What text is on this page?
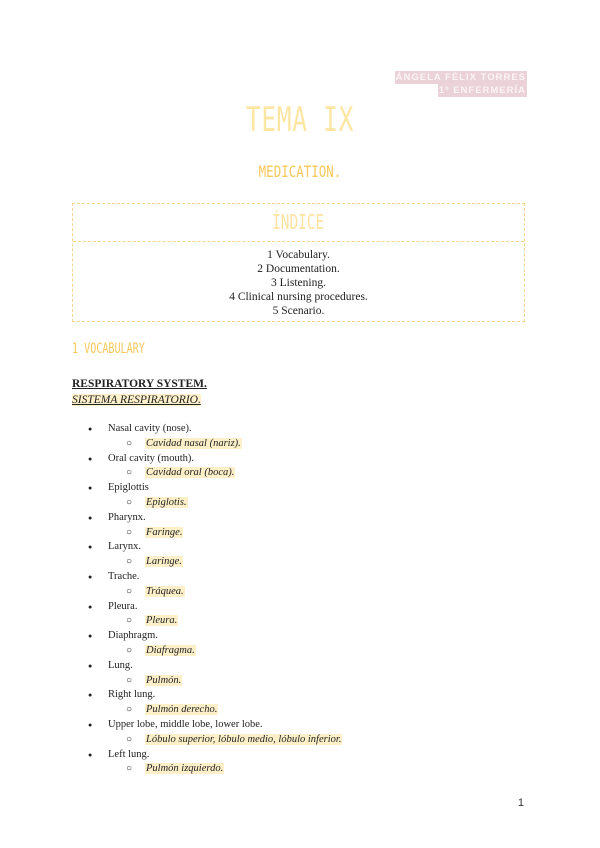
ÁNGELA FÉLIX TORRES
1º ENFERMERÍA
TEMA IX
MEDICATION.
ÍNDICE
1 Vocabulary.
2 Documentation.
3 Listening.
4 Clinical nursing procedures.
5 Scenario.
1 VOCABULARY
RESPIRATORY SYSTEM.
SISTEMA RESPIRATORIO.
● Nasal cavity (nose).
○ Cavidad nasal (nariz).
● Oral cavity (mouth).
○ Cavidad oral (boca).
● Epiglottis
○ Epiglotis.
● Pharynx.
○ Faringe.
● Larynx.
○ Laringe.
● Trache.
○ Tráquea.
● Pleura.
○ Pleura.
● Diaphragm.
○ Diafragma.
● Lung.
○ Pulmón.
● Right lung.
○ Pulmón derecho.
● Upper lobe, middle lobe, lower lobe.
○ Lóbulo superior, lóbulo medio, lóbulo inferior.
● Left lung.
○ Pulmón izquierdo.
1
